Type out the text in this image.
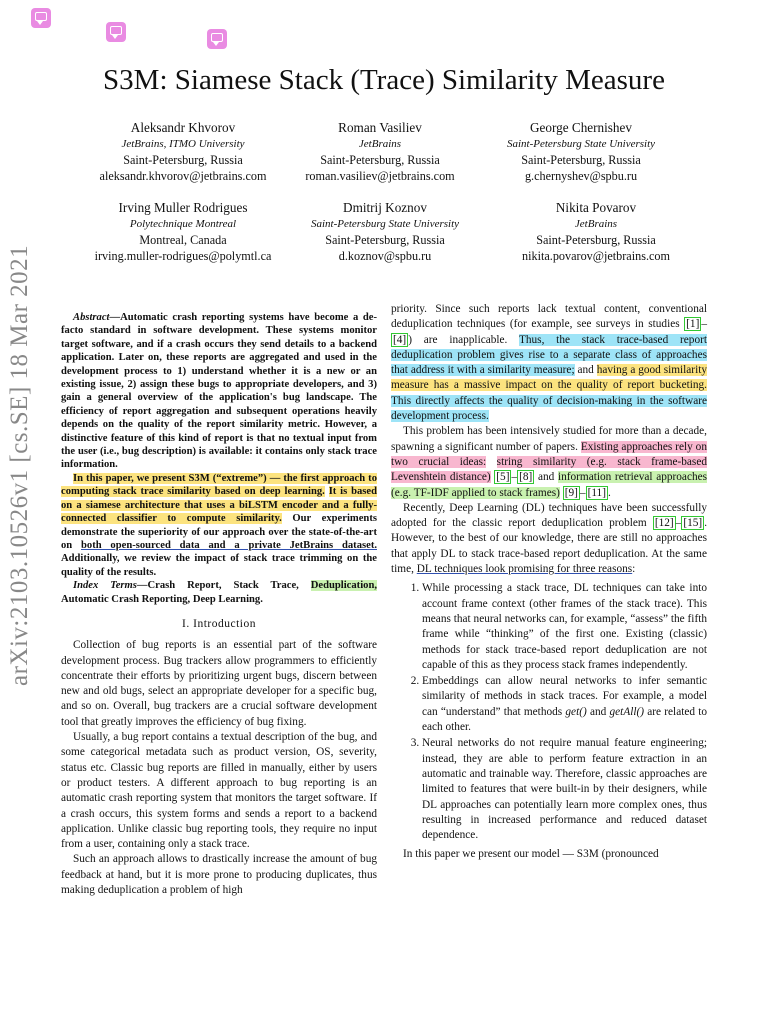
arXiv:2103.10526v1 [cs.SE] 18 Mar 2021
S3M: Siamese Stack (Trace) Similarity Measure
Aleksandr Khvorov
JetBrains, ITMO University
Saint-Petersburg, Russia
aleksandr.khvorov@jetbrains.com
Roman Vasiliev
JetBrains
Saint-Petersburg, Russia
roman.vasiliev@jetbrains.com
George Chernishev
Saint-Petersburg State University
Saint-Petersburg, Russia
g.chernyshev@spbu.ru
Irving Muller Rodrigues
Polytechnique Montreal
Montreal, Canada
irving.muller-rodrigues@polymtl.ca
Dmitrij Koznov
Saint-Petersburg State University
Saint-Petersburg, Russia
d.koznov@spbu.ru
Nikita Povarov
JetBrains
Saint-Petersburg, Russia
nikita.povarov@jetbrains.com

Abstract—Automatic crash reporting systems have become a de-facto standard in software development. These systems monitor target software, and if a crash occurs they send details to a backend application. Later on, these reports are aggregated and used in the development process to 1) understand whether it is a new or an existing issue, 2) assign these bugs to appropriate developers, and 3) gain a general overview of the application's bug landscape. The efficiency of report aggregation and subsequent operations heavily depends on the quality of the report similarity metric. However, a distinctive feature of this kind of report is that no textual input from the user (i.e., bug description) is available: it contains only stack trace information.

In this paper, we present S3M (“extreme”) — the first approach to computing stack trace similarity based on deep learning. It is based on a siamese architecture that uses a biLSTM encoder and a fully-connected classifier to compute similarity. Our experiments demonstrate the superiority of our approach over the state-of-the-art on both open-sourced data and a private JetBrains dataset. Additionally, we review the impact of stack trace trimming on the quality of the results.

Index Terms—Crash Report, Stack Trace, Deduplication, Automatic Crash Reporting, Deep Learning.

I. Introduction

Collection of bug reports is an essential part of the software development process. Bug trackers allow programmers to efficiently concentrate their efforts by prioritizing urgent bugs, discern between new and old bugs, select an appropriate developer for a specific bug, and so on. Overall, bug trackers are a crucial software development tool that greatly improves the efficiency of bug fixing.

Usually, a bug report contains a textual description of the bug, and some categorical metadata such as product version, OS, severity, status etc. Classic bug reports are filled in manually, either by users or product testers. A different approach to bug reporting is an automatic crash reporting system that monitors the target software. If a crash occurs, this system forms and sends a report to a backend application. Unlike classic bug reporting tools, they require no input from a user, containing only a stack trace.

Such an approach allows to drastically increase the amount of bug feedback at hand, but it is more prone to producing duplicates, thus making deduplication a problem of high

priority. Since such reports lack textual content, conventional deduplication techniques (for example, see surveys in studies [1] –[4] ) are inapplicable. Thus, the stack trace-based report deduplication problem gives rise to a separate class of approaches that address it with a similarity measure; and having a good similarity measure has a massive impact on the quality of report bucketing. This directly affects the quality of decision-making in the software development process.

This problem has been intensively studied for more than a decade, spawning a significant number of papers. Existing approaches rely on two crucial ideas: string similarity (e.g. stack frame-based Levenshtein distance) [5] – [8] and information retrieval approaches (e.g. TF-IDF applied to stack frames) [9] – [11] .

Recently, Deep Learning (DL) techniques have been successfully adopted for the classic report deduplication problem [12] – [15] . However, to the best of our knowledge, there are still no approaches that apply DL to stack trace-based report deduplication. At the same time, DL techniques look promising for three reasons:

1. While processing a stack trace, DL techniques can take into account frame context (other frames of the stack trace). This means that neural networks can, for example, “assess” the fifth frame while “thinking” of the first one. Existing (classic) methods for stack trace-based report deduplication are not capable of this as they process stack frames independently.
2. Embeddings can allow neural networks to infer semantic similarity of methods in stack traces. For example, a model can “understand” that methods get() and getAll() are related to each other.
3. Neural networks do not require manual feature engineering; instead, they are able to perform feature extraction in an automatic and trainable way. Therefore, classic approaches are limited to features that were built-in by their designers, while DL approaches can potentially learn more complex ones, thus resulting in increased performance and reduced dataset dependence.

In this paper we present our model — S3M (pronounced
